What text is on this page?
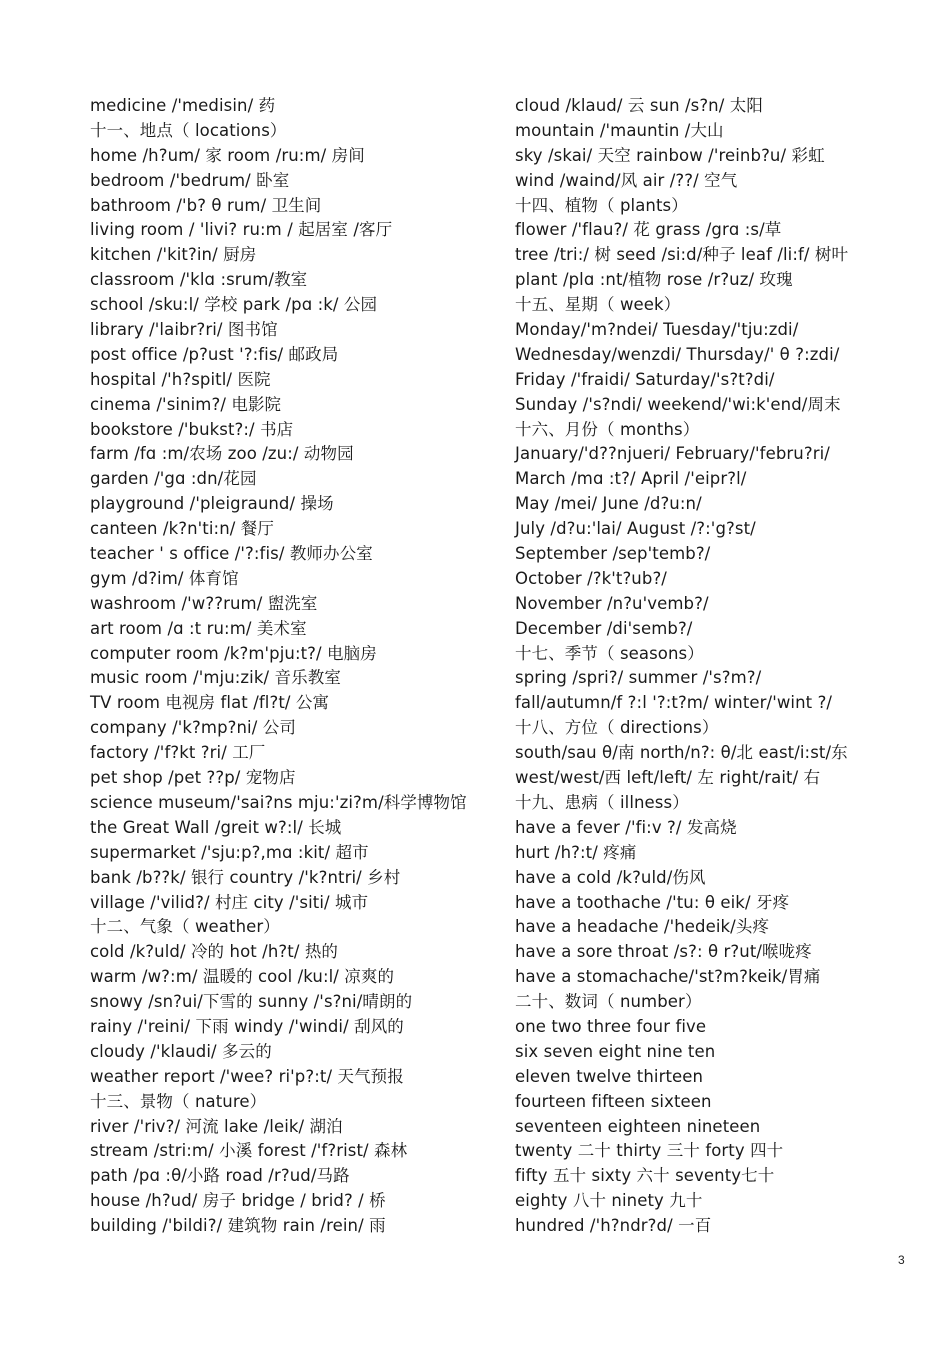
medicine /'medisin/ 药
十一、地点（ locations）
home /h?um/ 家 room /ru:m/ 房间
bedroom /'bedrum/ 卧室
bathroom /'b? θ rum/ 卫生间
living room / 'livi? ru:m / 起居室 /客厅
kitchen /'kit?in/ 厨房
classroom /'klɑ :srum/教室
school /sku:l/ 学校 park /pɑ :k/ 公园
library /'laibr?ri/ 图书馆
post office /p?ust '?:fis/ 邮政局
hospital /'h?spitl/ 医院
cinema /'sinim?/ 电影院
bookstore /'bukst?:/ 书店
farm /fɑ :m/农场 zoo /zu:/ 动物园
garden /'gɑ :dn/花园
playground /'pleigraund/ 操场
canteen /k?n'ti:n/ 餐厅
teacher ' s office /'?:fis/ 教师办公室
gym /d?im/ 体育馆
washroom /'w??rum/ 盥洗室
art room /ɑ :t ru:m/ 美术室
computer room /k?m'pju:t?/ 电脑房
music room /'mju:zik/ 音乐教室
TV room 电视房 flat /fl?t/ 公寓
company /'k?mp?ni/ 公司
factory /'f?kt ?ri/ 工厂
pet shop /pet ??p/ 宠物店
science museum/'sai?ns mju:'zi?m/科学博物馆
the Great Wall /greit w?:l/ 长城
supermarket /'sju:p?,mɑ :kit/ 超市
bank /b??k/ 银行 country /'k?ntri/ 乡村
village /'vilid?/ 村庄 city /'siti/ 城市
十二、气象（ weather）
cold /k?uld/ 冷的 hot /h?t/ 热的
warm /w?:m/ 温暖的 cool /ku:l/ 凉爽的
snowy /sn?ui/下雪的 sunny /'s?ni/晴朗的
rainy /'reini/ 下雨 windy /'windi/ 刮风的
cloudy /'klaudi/ 多云的
weather report /'wee? ri'p?:t/ 天气预报
十三、景物（ nature）
river /'riv?/ 河流 lake /leik/ 湖泊
stream /stri:m/ 小溪 forest /'f?rist/ 森林
path /pɑ :θ/小路 road /r?ud/马路
house /h?ud/ 房子 bridge / brid? / 桥
building /'bildi?/ 建筑物 rain /rein/ 雨
cloud /klaud/ 云 sun /s?n/ 太阳
mountain /'mauntin /大山
sky /skai/ 天空 rainbow /'reinb?u/ 彩虹
wind /waind/风 air /??/ 空气
十四、植物（ plants）
flower /'flau?/ 花 grass /grɑ :s/草
tree /tri:/ 树 seed /si:d/种子 leaf /li:f/ 树叶
plant /plɑ :nt/植物 rose /r?uz/ 玫瑰
十五、星期（ week）
Monday/'m?ndei/ Tuesday/'tju:zdi/
Wednesday/wenzdi/ Thursday/' θ ?:zdi/
Friday /'fraidi/ Saturday/'s?t?di/
Sunday /'s?ndi/ weekend/'wi:k'end/周末
十六、月份（ months）
January/'d??njueri/ February/'febru?ri/
March /mɑ :t?/ April /'eipr?l/
May /mei/ June /d?u:n/
July /d?u:'lai/ August /?:'g?st/
September /sep'temb?/
October /?k't?ub?/
November /n?u'vemb?/
December /di'semb?/
十七、季节（ seasons）
spring /spri?/ summer /'s?m?/
fall/autumn/f ?:l '?:t?m/ winter/'wint ?/
十八、方位（ directions）
south/sau θ/南 north/n?: θ/北 east/i:st/东
west/west/西 left/left/ 左 right/rait/ 右
十九、患病（ illness）
have a fever /'fi:v ?/ 发高烧
hurt /h?:t/ 疼痛
have a cold /k?uld/伤风
have a toothache /'tu: θ eik/ 牙疼
have a headache /'hedeik/头疼
have a sore throat /s?: θ r?ut/喉咙疼
have a stomachache/'st?m?keik/胃痛
二十、数词（ number）
one two three four five
six seven eight nine ten
eleven twelve thirteen
fourteen fifteen sixteen
seventeen eighteen nineteen
twenty 二十 thirty 三十 forty 四十
fifty 五十 sixty 六十 seventy七十
eighty 八十 ninety 九十
hundred /'h?ndr?d/ 一百
3
